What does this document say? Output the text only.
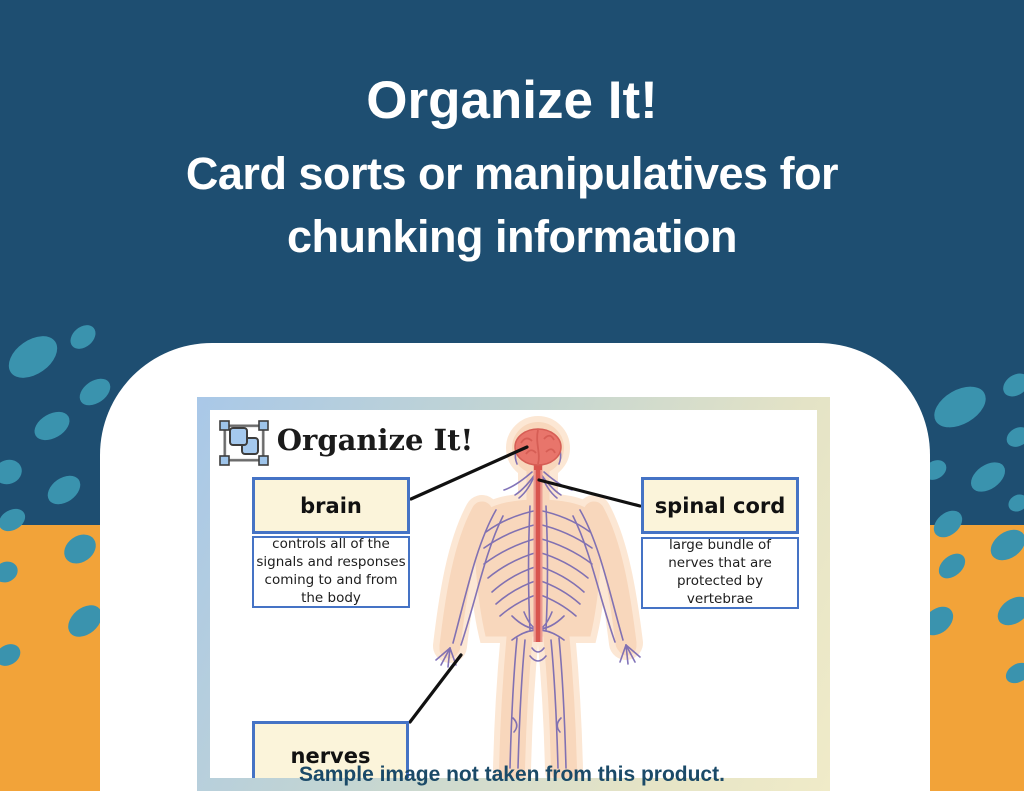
Organize It!
Card sorts or manipulatives for
chunking information
Organize It!
brain
controls all of the signals and responses coming to and from the body
spinal cord
large bundle of nerves that are protected by vertebrae
nerves
Sample image not taken from this product.
